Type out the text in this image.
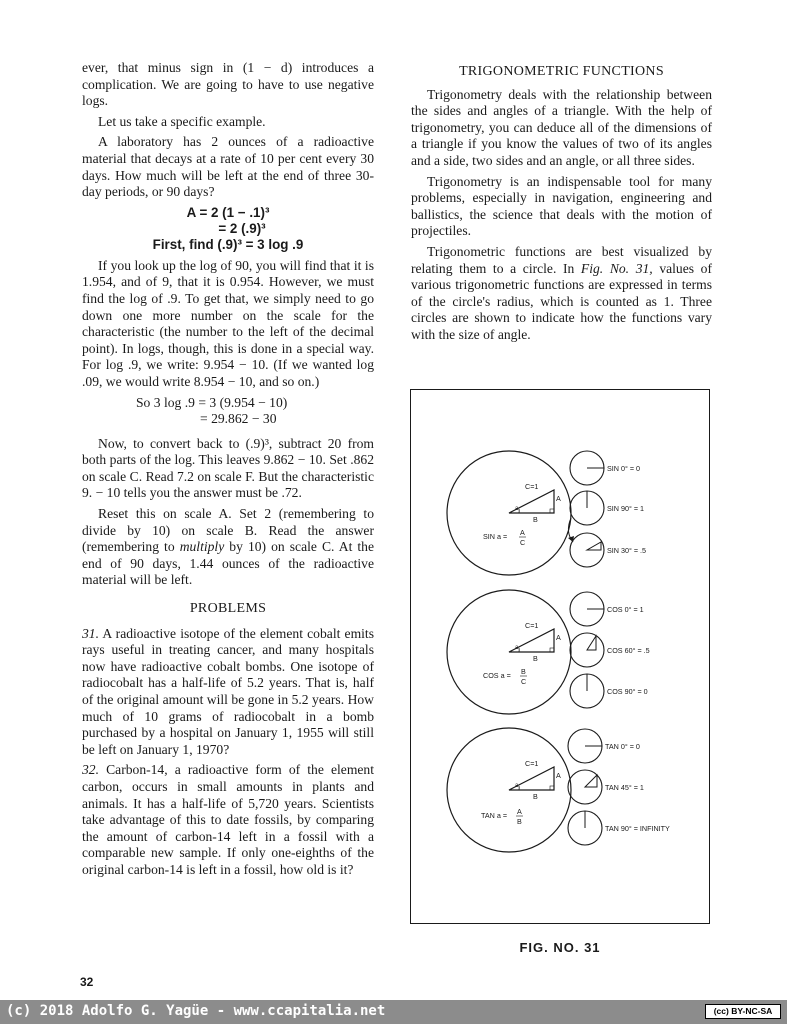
ever, that minus sign in (1 − d) introduces a complication. We are going to have to use negative logs.

Let us take a specific example.

A laboratory has 2 ounces of a radioactive material that decays at a rate of 10 per cent every 30 days. How much will be left at the end of three 30-day periods, or 90 days?

A = 2 (1 − .1)³
= 2 (.9)³
First, find (.9)³ = 3 log .9

If you look up the log of 90, you will find that it is 1.954, and of 9, that it is 0.954. However, we must find the log of .9. To get that, we simply need to go down one more number on the scale for the characteristic (the number to the left of the decimal point). In logs, though, this is done in a special way. For log .9, we write: 9.954 − 10. (If we wanted log .09, we would write 8.954 − 10, and so on.)

So 3 log .9 = 3 (9.954 − 10)
= 29.862 − 30

Now, to convert back to (.9)³, subtract 20 from both parts of the log. This leaves 9.862 − 10. Set .862 on scale C. Read 7.2 on scale F. But the characteristic 9. − 10 tells you the answer must be .72.

Reset this on scale A. Set 2 (remembering to divide by 10) on scale B. Read the answer (remembering to multiply by 10) on scale C. At the end of 90 days, 1.44 ounces of the radioactive material will be left.

PROBLEMS

31. A radioactive isotope of the element cobalt emits rays useful in treating cancer, and many hospitals now have radioactive cobalt bombs. One isotope of radiocobalt has a half-life of 5.2 years. That is, half of the original amount will be gone in 5.2 years. How much of 10 grams of radiocobalt in a bomb purchased by a hospital on January 1, 1955 will still be left on January 1, 1970?

32. Carbon-14, a radioactive form of the element carbon, occurs in small amounts in plants and animals. It has a half-life of 5,720 years. Scientists take advantage of this to date fossils, by comparing the amount of carbon-14 left in a fossil with a comparable new sample. If only one-eighths of the original carbon-14 is left in a fossil, how old is it?

TRIGONOMETRIC FUNCTIONS

Trigonometry deals with the relationship between the sides and angles of a triangle. With the help of trigonometry, you can deduce all of the dimensions of a triangle if you know the values of two of its angles and a side, two sides and an angle, or all three sides.

Trigonometry is an indispensable tool for many problems, especially in navigation, engineering and ballistics, the science that deals with the motion of projectiles.

Trigonometric functions are best visualized by relating them to a circle. In Fig. No. 31, values of various trigonometric functions are expressed in terms of the circle's radius, which is counted as 1. Three circles are shown to indicate how the functions vary with the size of angle.

C=1
A
B
a
SIN a = A
C
SIN 0° = 0
SIN 90° = 1
SIN 30° = .5
C=1
A
B
a
COS a = B
C
COS 0° = 1
COS 60° = .5
COS 90° = 0
C=1
A
B
a
TAN a = A
B
TAN 0° = 0
TAN 45° = 1
TAN 90° = INFINITY
FIG. NO. 31
32
(c) 2018 Adolfo G. Yagüe - www.ccapitalia.net	(cc) BY-NC-SA
